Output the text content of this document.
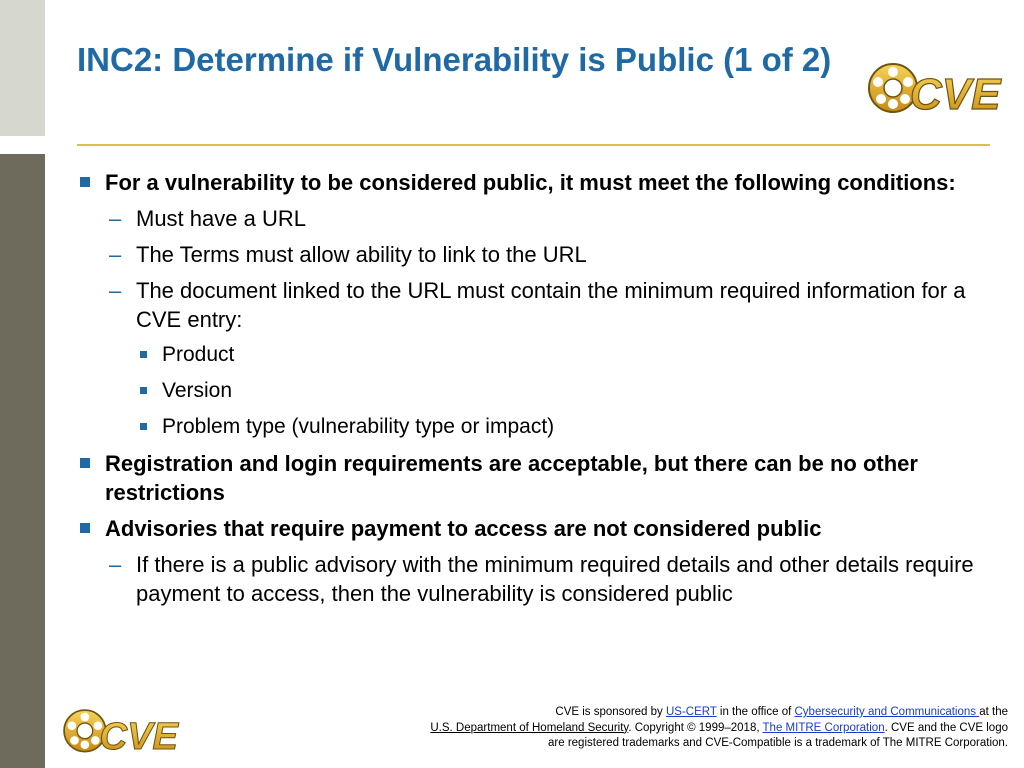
INC2: Determine if Vulnerability is Public (1 of 2)
CVE
For a vulnerability to be considered public, it must meet the following conditions:
– Must have a URL
– The Terms must allow ability to link to the URL
– The document linked to the URL must contain the minimum required information for a CVE entry:
Product
Version
Problem type (vulnerability type or impact)
Registration and login requirements are acceptable, but there can be no other restrictions
Advisories that require payment to access are not considered public
– If there is a public advisory with the minimum required details and other details require payment to access, then the vulnerability is considered public
CVE
CVE is sponsored by US-CERT in the office of Cybersecurity and Communications at the
U.S. Department of Homeland Security. Copyright © 1999–2018, The MITRE Corporation. CVE and the CVE logo are registered trademarks and CVE-Compatible is a trademark of The MITRE Corporation.
